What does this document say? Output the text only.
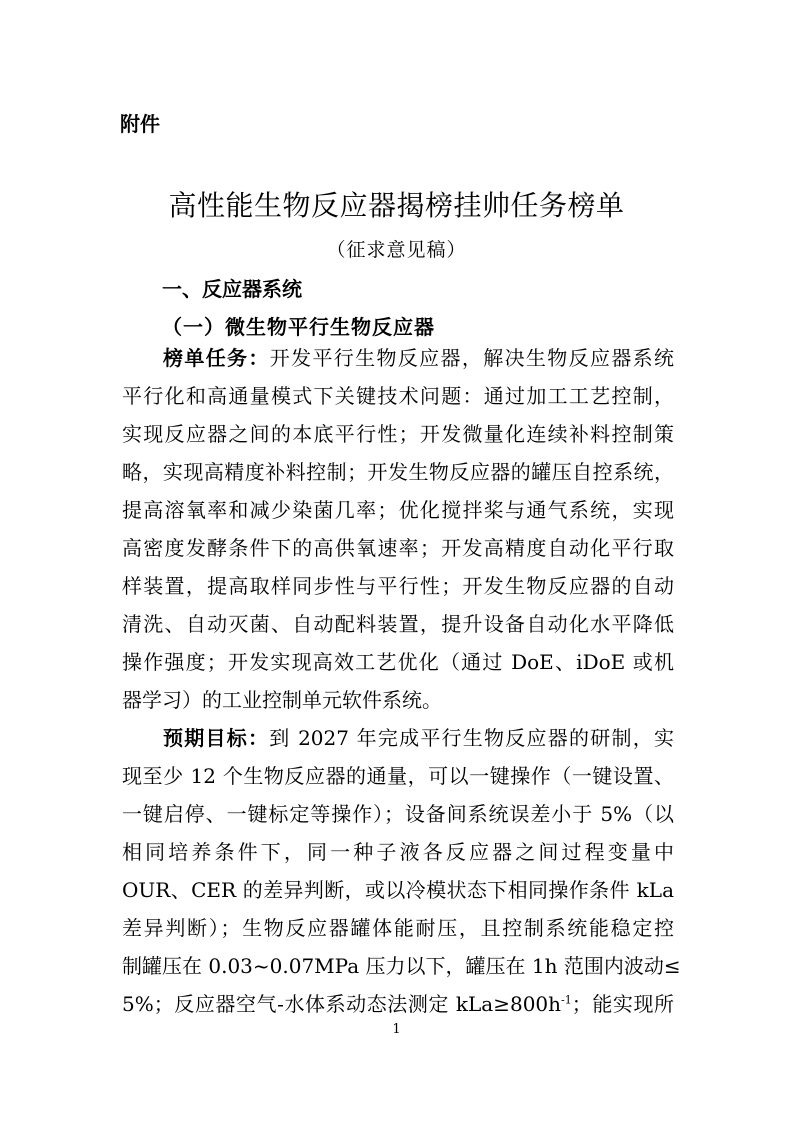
附件
高性能生物反应器揭榜挂帅任务榜单
（征求意见稿）
一、反应器系统
（一）微生物平行生物反应器
榜单任务：开发平行生物反应器，解决生物反应器系统
平行化和高通量模式下关键技术问题：通过加工工艺控制，
实现反应器之间的本底平行性；开发微量化连续补料控制策
略，实现高精度补料控制；开发生物反应器的罐压自控系统，
提高溶氧率和减少染菌几率；优化搅拌桨与通气系统，实现
高密度发酵条件下的高供氧速率；开发高精度自动化平行取
样装置，提高取样同步性与平行性；开发生物反应器的自动
清洗、自动灭菌、自动配料装置，提升设备自动化水平降低
操作强度；开发实现高效工艺优化（通过 DoE、iDoE 或机
器学习）的工业控制单元软件系统。
预期目标：到 2027 年完成平行生物反应器的研制，实
现至少 12 个生物反应器的通量，可以一键操作（一键设置、
一键启停、一键标定等操作）；设备间系统误差小于 5%（以
相同培养条件下，同一种子液各反应器之间过程变量中
OUR、CER 的差异判断，或以冷模状态下相同操作条件 kLa
差异判断）；生物反应器罐体能耐压，且控制系统能稳定控
制罐压在 0.03~0.07MPa 压力以下，罐压在 1h 范围内波动≤
5%；反应器空气-水体系动态法测定 $kLa\ge 800h^{-1}$；能实现所
1
